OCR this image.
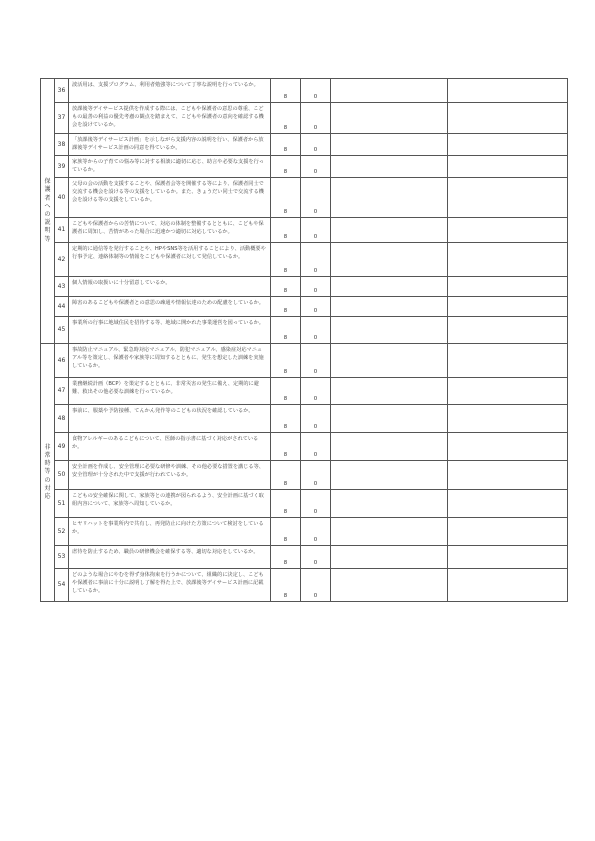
保護者への説明等	36	波活用は、支援プログラム、利用者勉強等について丁寧な説明を行っているか。	8	0		
	37	放課後等デイサービス提供を作成する際には、こどもや保護者の意思の尊重、こどもの最善の利益の優先考慮の観点を踏まえて、こどもや保護者の意向を確認する機会を設けているか。	8	0		
	38	「放課後等デイサービス計画」を示しながら支援内容の説明を行い、保護者から放課後等デイサービス計画の同意を得ているか。	8	0		
	39	家族等からの子育ての悩み等に対する相談に適切に応じ、助言や必要な支援を行っているか。	8	0		
	40	父母の会の活動を支援することや、保護者会等を開催する等により、保護者同士で交流する機会を設ける等の支援をしているか。また、きょうだい同士で交流する機会を設ける等の支援をしているか。	8	0		
	41	こどもや保護者からの苦情について、対応の体制を整備するとともに、こどもや保護者に周知し、苦情があった場合に迅速かつ適切に対応しているか。	8	0		
	42	定期的に通信等を発行することや、HPやSNS等を活用することにより、活動概要や行事予定、連絡体制等の情報をこどもや保護者に対して発信しているか。	8	0		
	43	個人情報の取扱いに十分留意しているか。	8	0		
	44	障害のあるこどもや保護者との意思の疎通や情報伝達のための配慮をしているか。	8	0		
	45	事業所の行事に地域住民を招待する等、地域に開かれた事業運営を図っているか。	8	0		

非常時等の対応	46	事故防止マニュアル、緊急時対応マニュアル、防犯マニュアル、感染症対応マニュアル等を策定し、保護者や家族等に周知するとともに、発生を想定した訓練を実施しているか。	8	0		
	47	業務継続計画（BCP）を策定するとともに、非常災害の発生に備え、定期的に避難、救出その他必要な訓練を行っているか。	8	0		
	48	事前に、服薬や予防接種、てんかん発作等のこどもの状況を確認しているか。	8	0		
	49	食物アレルギーのあるこどもについて、医師の指示書に基づく対応がされているか。	8	0		
	50	安全計画を作成し、安全管理に必要な研修や訓練、その他必要な措置を講じる等、安全管理が十分された中で支援が行われているか。	8	0		
	51	こどもの安全確保に関して、家族等との連携が図られるよう、安全計画に基づく取組内容について、家族等へ周知しているか。	8	0		
	52	ヒヤリハットを事業所内で共有し、再発防止に向けた方策について検討をしているか。	8	0		
	53	虐待を防止するため、職員の研修機会を確保する等、適切な対応をしているか。	8	0		
	54	どのような場合にやむを得ず身体拘束を行うかについて、組織的に決定し、こどもや保護者に事前に十分に説明し了解を得た上で、放課後等デイサービス計画に記載しているか。	8	0		
